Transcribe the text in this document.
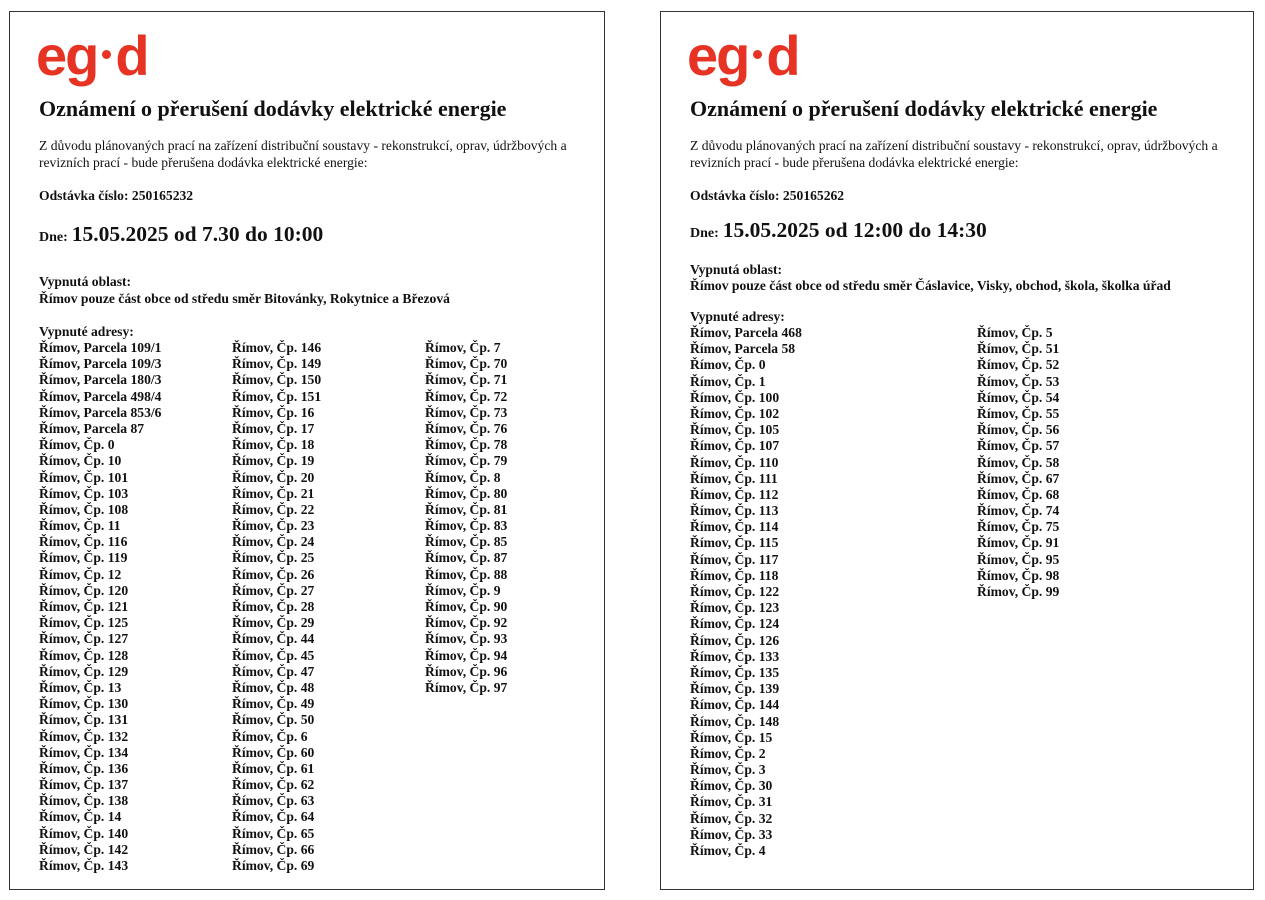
eg d
Oznámení o přerušení dodávky elektrické energie
Z důvodu plánovaných prací na zařízení distribuční soustavy - rekonstrukcí, oprav, údržbových a revizních prací - bude přerušena dodávka elektrické energie:
Odstávka číslo: 250165232
Dne: 15.05.2025 od 7.30 do 10:00
Vypnutá oblast:
Římov pouze část obce od středu směr Bitovánky, Rokytnice a Březová
Vypnuté adresy:
Římov, Parcela 109/1
Římov, Parcela 109/3
Římov, Parcela 180/3
Římov, Parcela 498/4
Římov, Parcela 853/6
Římov, Parcela 87
Římov, Čp. 0
Římov, Čp. 10
Římov, Čp. 101
Římov, Čp. 103
Římov, Čp. 108
Římov, Čp. 11
Římov, Čp. 116
Římov, Čp. 119
Římov, Čp. 12
Římov, Čp. 120
Římov, Čp. 121
Římov, Čp. 125
Římov, Čp. 127
Římov, Čp. 128
Římov, Čp. 129
Římov, Čp. 13
Římov, Čp. 130
Římov, Čp. 131
Římov, Čp. 132
Římov, Čp. 134
Římov, Čp. 136
Římov, Čp. 137
Římov, Čp. 138
Římov, Čp. 14
Římov, Čp. 140
Římov, Čp. 142
Římov, Čp. 143
Římov, Čp. 146
Římov, Čp. 149
Římov, Čp. 150
Římov, Čp. 151
Římov, Čp. 16
Římov, Čp. 17
Římov, Čp. 18
Římov, Čp. 19
Římov, Čp. 20
Římov, Čp. 21
Římov, Čp. 22
Římov, Čp. 23
Římov, Čp. 24
Římov, Čp. 25
Římov, Čp. 26
Římov, Čp. 27
Římov, Čp. 28
Římov, Čp. 29
Římov, Čp. 44
Římov, Čp. 45
Římov, Čp. 47
Římov, Čp. 48
Římov, Čp. 49
Římov, Čp. 50
Římov, Čp. 6
Římov, Čp. 60
Římov, Čp. 61
Římov, Čp. 62
Římov, Čp. 63
Římov, Čp. 64
Římov, Čp. 65
Římov, Čp. 66
Římov, Čp. 69
Římov, Čp. 7
Římov, Čp. 70
Římov, Čp. 71
Římov, Čp. 72
Římov, Čp. 73
Římov, Čp. 76
Římov, Čp. 78
Římov, Čp. 79
Římov, Čp. 8
Římov, Čp. 80
Římov, Čp. 81
Římov, Čp. 83
Římov, Čp. 85
Římov, Čp. 87
Římov, Čp. 88
Římov, Čp. 9
Římov, Čp. 90
Římov, Čp. 92
Římov, Čp. 93
Římov, Čp. 94
Římov, Čp. 96
Římov, Čp. 97
eg d
Oznámení o přerušení dodávky elektrické energie
Z důvodu plánovaných prací na zařízení distribuční soustavy - rekonstrukcí, oprav, údržbových a revizních prací - bude přerušena dodávka elektrické energie:
Odstávka číslo: 250165262
Dne: 15.05.2025 od 12:00 do 14:30
Vypnutá oblast:
Římov pouze část obce od středu směr Čáslavice, Visky, obchod, škola, školka úřad
Vypnuté adresy:
Římov, Parcela 468
Římov, Parcela 58
Římov, Čp. 0
Římov, Čp. 1
Římov, Čp. 100
Římov, Čp. 102
Římov, Čp. 105
Římov, Čp. 107
Římov, Čp. 110
Římov, Čp. 111
Římov, Čp. 112
Římov, Čp. 113
Římov, Čp. 114
Římov, Čp. 115
Římov, Čp. 117
Římov, Čp. 118
Římov, Čp. 122
Římov, Čp. 123
Římov, Čp. 124
Římov, Čp. 126
Římov, Čp. 133
Římov, Čp. 135
Římov, Čp. 139
Římov, Čp. 144
Římov, Čp. 148
Římov, Čp. 15
Římov, Čp. 2
Římov, Čp. 3
Římov, Čp. 30
Římov, Čp. 31
Římov, Čp. 32
Římov, Čp. 33
Římov, Čp. 4
Římov, Čp. 5
Římov, Čp. 51
Římov, Čp. 52
Římov, Čp. 53
Římov, Čp. 54
Římov, Čp. 55
Římov, Čp. 56
Římov, Čp. 57
Římov, Čp. 58
Římov, Čp. 67
Římov, Čp. 68
Římov, Čp. 74
Římov, Čp. 75
Římov, Čp. 91
Římov, Čp. 95
Římov, Čp. 98
Římov, Čp. 99
